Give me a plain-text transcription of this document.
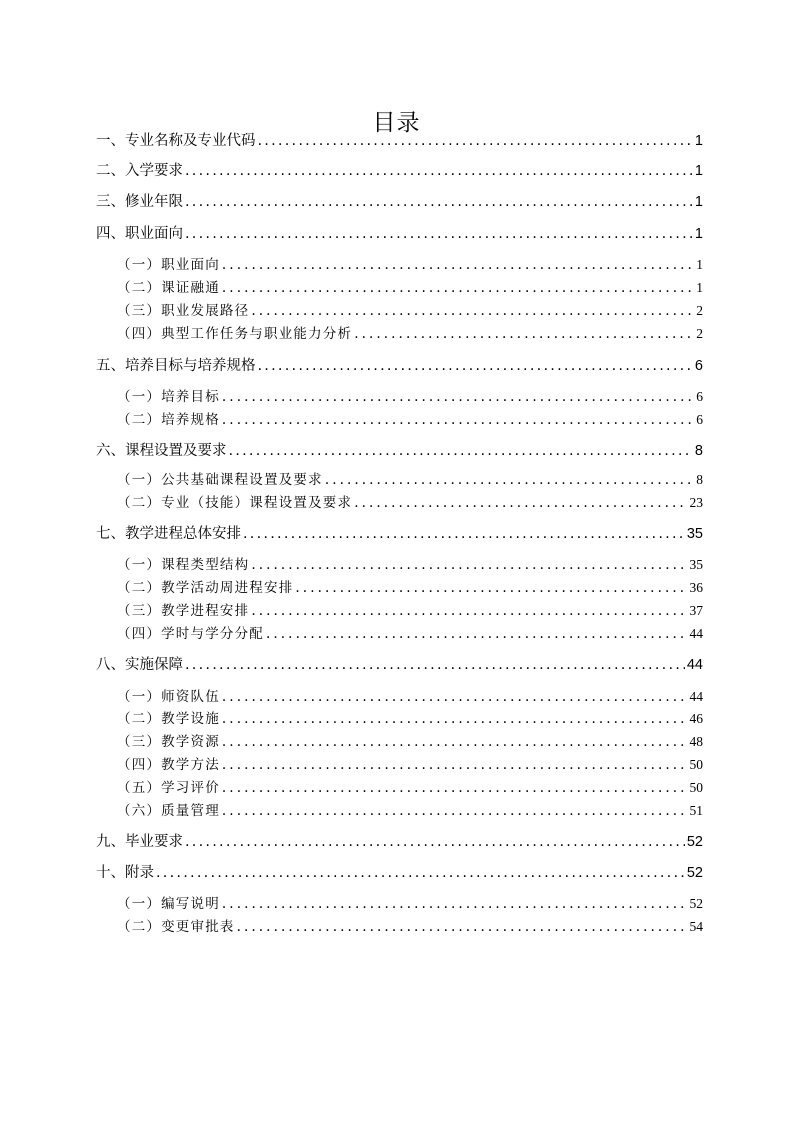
目录
一、专业名称及专业代码 .....	1
二、入学要求 .....	1
三、修业年限 .....	1
四、职业面向 .....	1
（一）职业面向 .....	1
（二）课证融通 .....	1
（三）职业发展路径 .....	2
（四）典型工作任务与职业能力分析 .....	2
五、培养目标与培养规格 .....	6
（一）培养目标 .....	6
（二）培养规格 .....	6
六、课程设置及要求 .....	8
（一）公共基础课程设置及要求 .....	8
（二）专业（技能）课程设置及要求 .....	23
七、教学进程总体安排 .....	35
（一）课程类型结构 .....	35
（二）教学活动周进程安排 .....	36
（三）教学进程安排 .....	37
（四）学时与学分分配 .....	44
八、实施保障 .....	44
（一）师资队伍 .....	44
（二）教学设施 .....	46
（三）教学资源 .....	48
（四）教学方法 .....	50
（五）学习评价 .....	50
（六）质量管理 .....	51
九、毕业要求 .....	52
十、附录 .....	52
（一）编写说明 .....	52
（二）变更审批表 .....	54
